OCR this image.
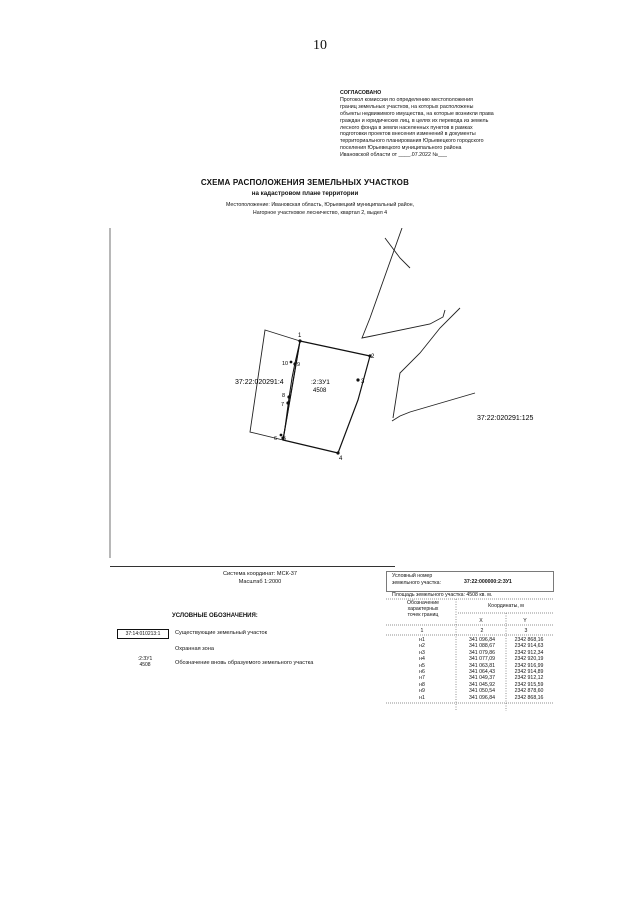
10
СОГЛАСОВАНО
Протокол комиссии по определению местоположения
границ земельных участков, на которых расположены
объекты недвижимого имущества, на которые возникли права
граждан и юридических лиц, в целях их перевода из земель
лесного фонда в земли населенных пунктов в рамках
подготовки проектов внесения изменений в документы
территориального планирования Юрьевецкого городского
поселения Юрьевецкого муниципального района
Ивановской области от ____.07.2022 №___
СХЕМА РАСПОЛОЖЕНИЯ ЗЕМЕЛЬНЫХ УЧАСТКОВ
на кадастровом плане территории
Местоположение: Ивановская область, Юрьевецкий муниципальный район,
Нагорное участковое лесничество, квартал 2, выдел 4
1
2
3
4
5
6
7
8
9
10
37:22:020291:4	:2:ЗУ1
4508
37:22:020291:125
Система координат: МСК-37
Масштаб 1:2000
УСЛОВНЫЕ ОБОЗНАЧЕНИЯ:
37:14:010213:1	Существующие земельный участок
Охранная зона
:2:ЗУ1
4508	Обозначение вновь образуемого земельного участка
Условный номер
земельного участка:	37:22:000000:2:ЗУ1
Площадь земельного участка: 4508 кв. м.
Обозначение
характерных
точек границ
Координаты, м
X	Y
1	2	3
н1	341 096,84	2342 868,16
н2	341 088,67	2342 914,63
н3	341 079,86	2342 912,34
н4	341 077,09	2342 920,19
н5	341 063,81	2342 916,99
н6	341 064,43	2342 914,89
н7	341 049,37	2342 912,12
н8	341 045,92	2342 915,59
н9	341 050,54	2342 878,60
н1	341 096,84	2342 868,16
